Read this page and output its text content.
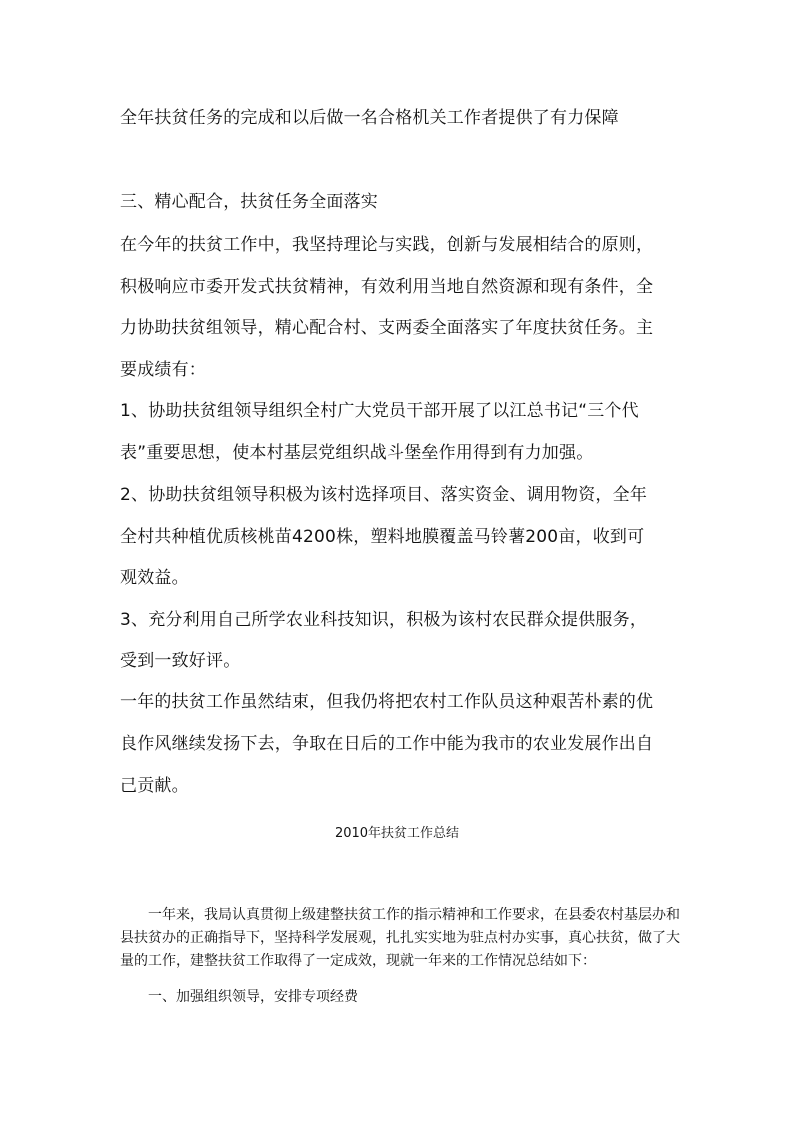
全年扶贫任务的完成和以后做一名合格机关工作者提供了有力保障
三、精心配合，扶贫任务全面落实
在今年的扶贫工作中，我坚持理论与实践，创新与发展相结合的原则，
积极响应市委开发式扶贫精神，有效利用当地自然资源和现有条件，全
力协助扶贫组领导，精心配合村、支两委全面落实了年度扶贫任务。主
要成绩有：
1、协助扶贫组领导组织全村广大党员干部开展了以江总书记“三个代
表”重要思想，使本村基层党组织战斗堡垒作用得到有力加强。
2、协助扶贫组领导积极为该村选择项目、落实资金、调用物资，全年
全村共种植优质核桃苗4200株，塑料地膜覆盖马铃薯200亩，收到可
观效益。
3、充分利用自己所学农业科技知识，积极为该村农民群众提供服务，
受到一致好评。
一年的扶贫工作虽然结束，但我仍将把农村工作队员这种艰苦朴素的优
良作风继续发扬下去，争取在日后的工作中能为我市的农业发展作出自
己贡献。
2010年扶贫工作总结
一年来，我局认真贯彻上级建整扶贫工作的指示精神和工作要求，在县委农村基层办和
县扶贫办的正确指导下，坚持科学发展观，扎扎实实地为驻点村办实事，真心扶贫，做了大
量的工作，建整扶贫工作取得了一定成效，现就一年来的工作情况总结如下：
一、加强组织领导，安排专项经费
